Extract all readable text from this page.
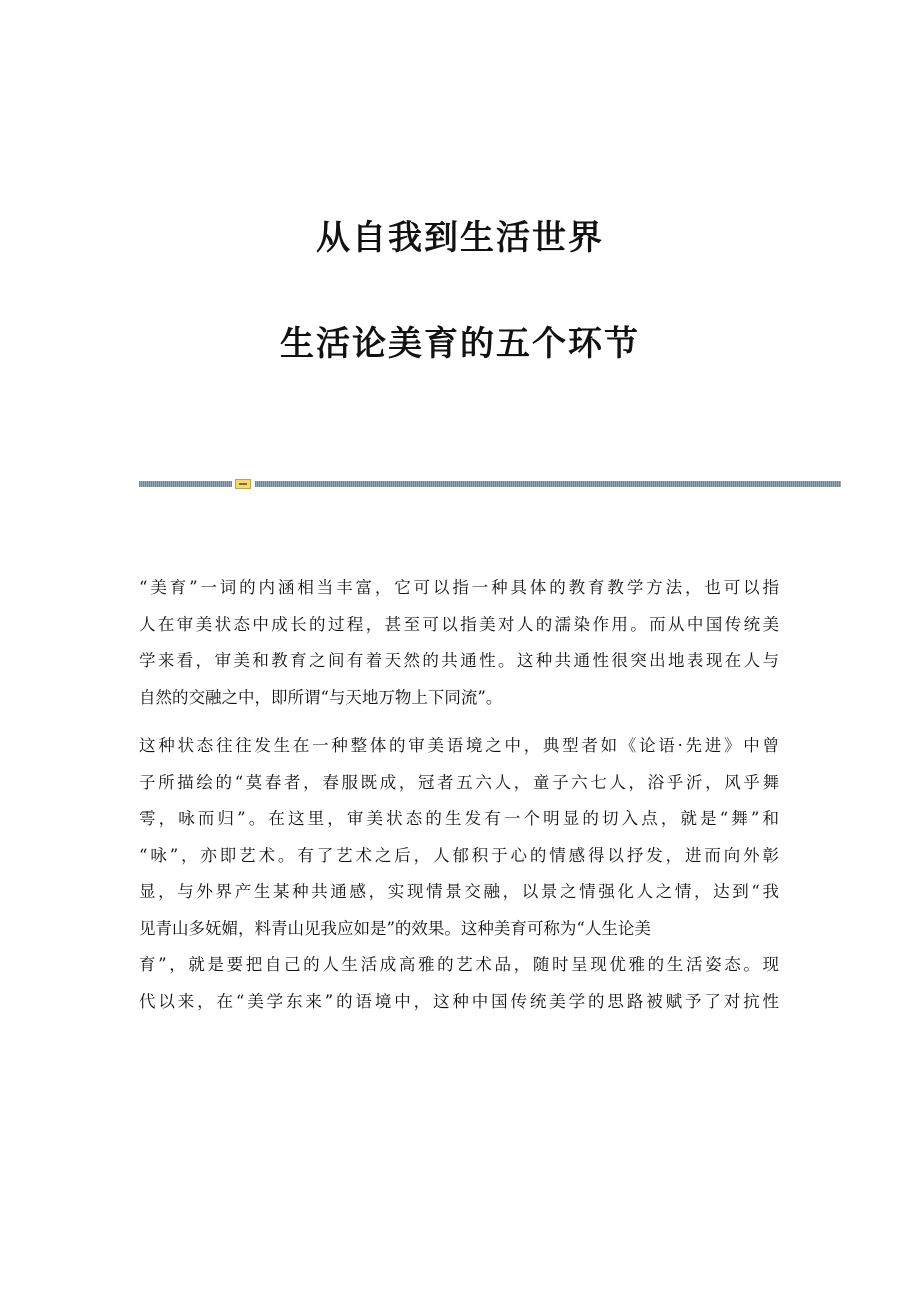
从自我到生活世界
生活论美育的五个环节
“美育”一词的内涵相当丰富，它可以指一种具体的教育教学方法，也可以指
人在审美状态中成长的过程，甚至可以指美对人的濡染作用。而从中国传统美
学来看，审美和教育之间有着天然的共通性。这种共通性很突出地表现在人与
自然的交融之中，即所谓“与天地万物上下同流”。
这种状态往往发生在一种整体的审美语境之中，典型者如《论语·先进》中曾
子所描绘的“莫春者，春服既成，冠者五六人，童子六七人，浴乎沂，风乎舞
雩，咏而归”。在这里，审美状态的生发有一个明显的切入点，就是“舞”和
“咏”，亦即艺术。有了艺术之后，人郁积于心的情感得以抒发，进而向外彰
显，与外界产生某种共通感，实现情景交融，以景之情强化人之情，达到“我
见青山多妩媚，料青山见我应如是”的效果。这种美育可称为“人生论美
育”，就是要把自己的人生活成高雅的艺术品，随时呈现优雅的生活姿态。现
代以来，在“美学东来”的语境中，这种中国传统美学的思路被赋予了对抗性
